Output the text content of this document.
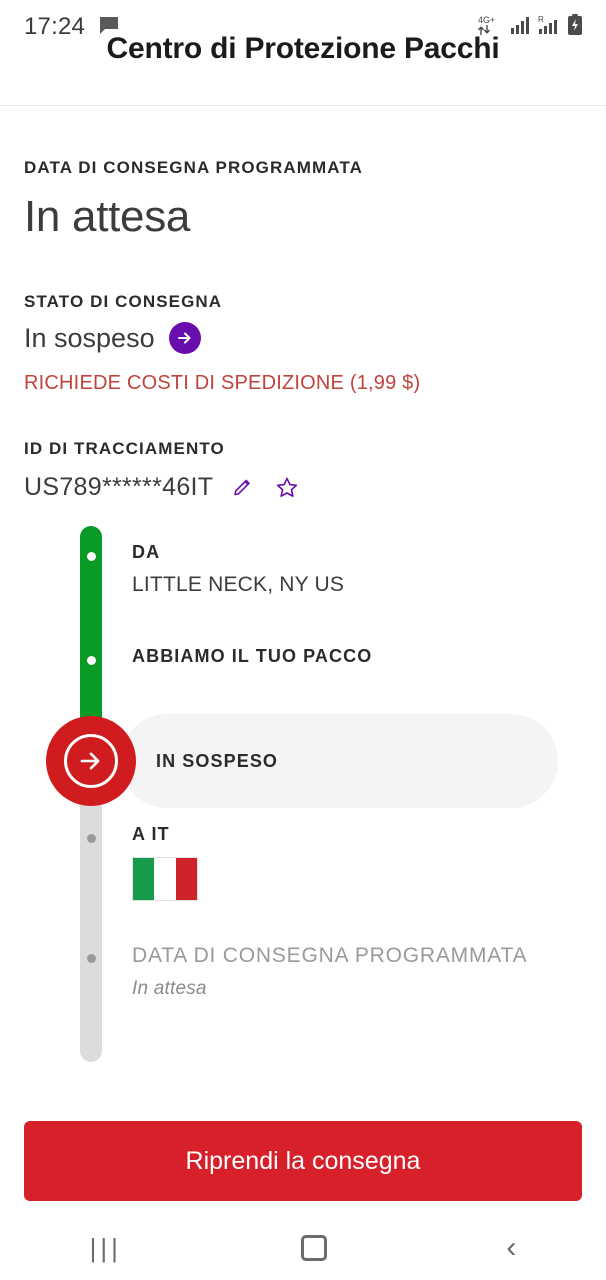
17:24	4G+	R
Centro di Protezione Pacchi
DATA DI CONSEGNA PROGRAMMATA
In attesa
STATO DI CONSEGNA
In sospeso
RICHIEDE COSTI DI SPEDIZIONE (1,99 $)
ID DI TRACCIAMENTO
US789******46IT
DA
LITTLE NECK, NY US
ABBIAMO IL TUO PACCO
IN SOSPESO
A IT
DATA DI CONSEGNA PROGRAMMATA
In attesa
Riprendi la consegna
|||	‹
